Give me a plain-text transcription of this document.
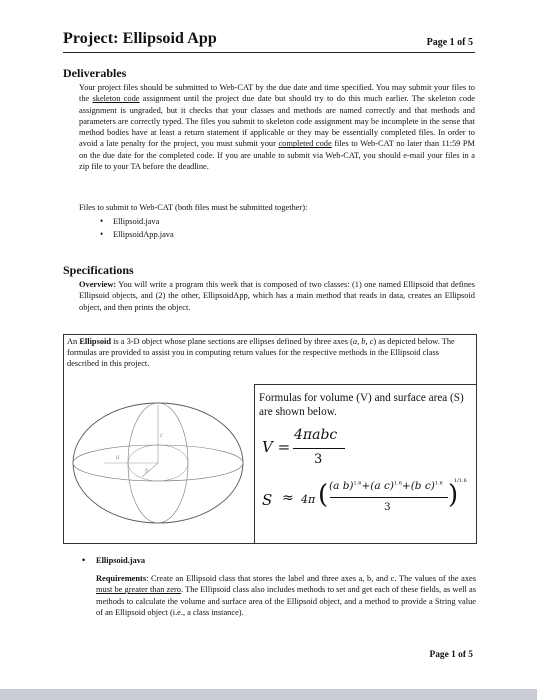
Project: Ellipsoid App	Page 1 of 5
Deliverables
Your project files should be submitted to Web-CAT by the due date and time specified. You may submit your files to the skeleton code assignment until the project due date but should try to do this much earlier. The skeleton code assignment is ungraded, but it checks that your classes and methods are named correctly and that methods and parameters are correctly typed. The files you submit to skeleton code assignment may be incomplete in the sense that method bodies have at least a return statement if applicable or they may be essentially completed files. In order to avoid a late penalty for the project, you must submit your completed code files to Web-CAT no later than 11:59 PM on the due date for the completed code. If you are unable to submit via Web-CAT, you should e-mail your files in a zip file to your TA before the deadline.
Files to submit to Web-CAT (both files must be submitted together):
• Ellipsoid.java
• EllipsoidApp.java
Specifications
Overview: You will write a program this week that is composed of two classes: (1) one named Ellipsoid that defines Ellipsoid objects, and (2) the other, EllipsoidApp, which has a main method that reads in data, creates an Ellipsoid object, and then prints the object.
An Ellipsoid is a 3-D object whose plane sections are ellipses defined by three axes (a, b, c) as depicted below. The formulas are provided to assist you in computing return values for the respective methods in the Ellipsoid class described in this project.
c
a
b
Formulas for volume (V) and surface area (S) are shown below.
V =
4πabc
3
S ≈ 4π ( (a b)$^{1.6}$+(a c)$^{1.6}$+(b c)$^{1.6}$
3 )
1/1.6
• Ellipsoid.java
Requirements: Create an Ellipsoid class that stores the label and three axes a, b, and c. The values of the axes must be greater than zero. The Ellipsoid class also includes methods to set and get each of these fields, as well as methods to calculate the volume and surface area of the Ellipsoid object, and a method to provide a String value of an Ellipsoid object (i.e., a class instance).
Page 1 of 5
